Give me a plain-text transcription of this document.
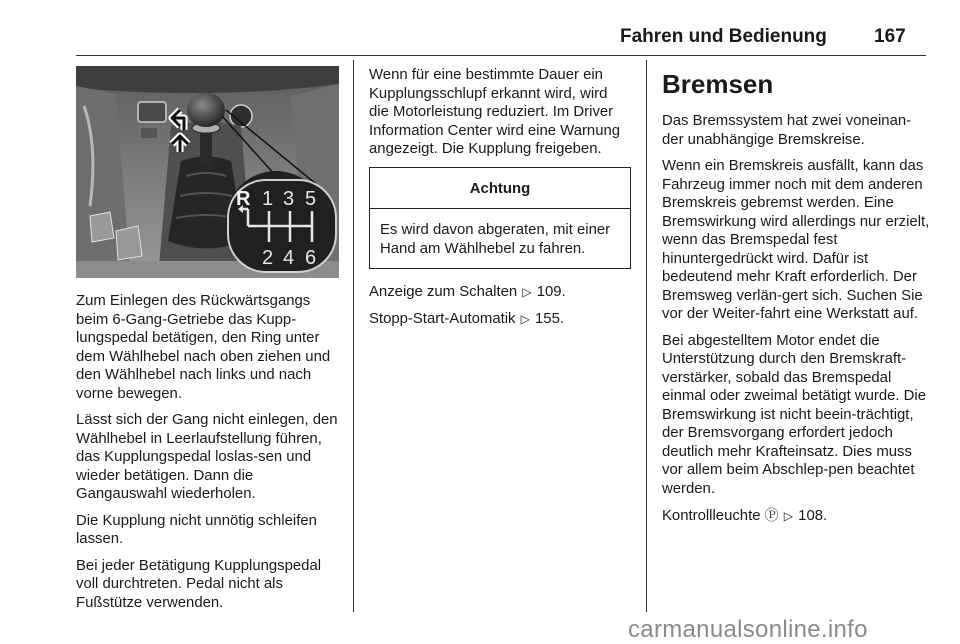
Fahren und Bedienung 167
R 1 3 5
2 4 6

Zum Einlegen des Rückwärtsgangs beim 6-Gang-Getriebe das Kupp-lungspedal betätigen, den Ring unter dem Wählhebel nach oben ziehen und den Wählhebel nach links und nach vorne bewegen.

Lässt sich der Gang nicht einlegen, den Wählhebel in Leerlaufstellung führen, das Kupplungspedal loslas-sen und wieder betätigen. Dann die Gangauswahl wiederholen.

Die Kupplung nicht unnötig schleifen lassen.

Bei jeder Betätigung Kupplungspedal voll durchtreten. Pedal nicht als Fußstütze verwenden.

Wenn für eine bestimmte Dauer ein Kupplungsschlupf erkannt wird, wird die Motorleistung reduziert. Im Driver Information Center wird eine Warnung angezeigt. Die Kupplung freigeben.

Achtung
Es wird davon abgeraten, mit einer Hand am Wählhebel zu fahren.

Anzeige zum Schalten ▷ 109.

Stopp-Start-Automatik ▷ 155.

Bremsen

Das Bremssystem hat zwei voneinan-der unabhängige Bremskreise.

Wenn ein Bremskreis ausfällt, kann das Fahrzeug immer noch mit dem anderen Bremskreis gebremst werden. Eine Bremswirkung wird allerdings nur erzielt, wenn das Bremspedal fest hinuntergedrückt wird. Dafür ist bedeutend mehr Kraft erforderlich. Der Bremsweg verlän-gert sich. Suchen Sie vor der Weiter-fahrt eine Werkstatt auf.

Bei abgestelltem Motor endet die Unterstützung durch den Bremskraft-verstärker, sobald das Bremspedal einmal oder zweimal betätigt wurde. Die Bremswirkung ist nicht beein-trächtigt, der Bremsvorgang erfordert jedoch deutlich mehr Krafteinsatz. Dies muss vor allem beim Abschlep-pen beachtet werden.

Kontrollleuchte Ⓟ ▷ 108.

carmanualsonline.info
